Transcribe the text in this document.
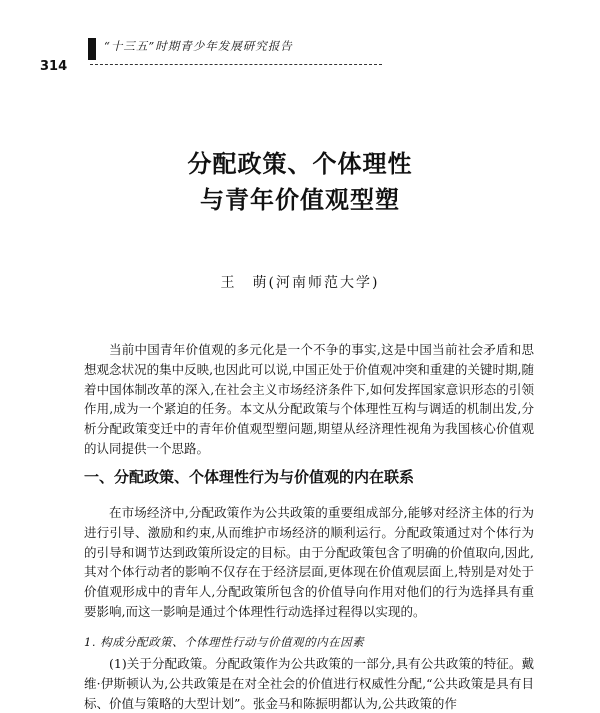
“十三五”时期青少年发展研究报告
314
分配政策、个体理性
与青年价值观型塑
王　萌(河南师范大学)

当前中国青年价值观的多元化是一个不争的事实,这是中国当前社会矛盾和思想观念状况的集中反映,也因此可以说,中国正处于价值观冲突和重建的关键时期,随着中国体制改革的深入,在社会主义市场经济条件下,如何发挥国家意识形态的引领作用,成为一个紧迫的任务。本文从分配政策与个体理性互构与调适的机制出发,分析分配政策变迁中的青年价值观型塑问题,期望从经济理性视角为我国核心价值观的认同提供一个思路。

一、分配政策、个体理性行为与价值观的内在联系

在市场经济中,分配政策作为公共政策的重要组成部分,能够对经济主体的行为进行引导、激励和约束,从而维护市场经济的顺利运行。分配政策通过对个体行为的引导和调节达到政策所设定的目标。由于分配政策包含了明确的价值取向,因此,其对个体行动者的影响不仅存在于经济层面,更体现在价值观层面上,特别是对处于价值观形成中的青年人,分配政策所包含的价值导向作用对他们的行为选择具有重要影响,而这一影响是通过个体理性行动选择过程得以实现的。

1. 构成分配政策、个体理性行动与价值观的内在因素

(1)关于分配政策。分配政策作为公共政策的一部分,具有公共政策的特征。戴维·伊斯顿认为,公共政策是在对全社会的价值进行权威性分配,“公共政策是具有目标、价值与策略的大型计划”。张金马和陈振明都认为,公共政策的作
